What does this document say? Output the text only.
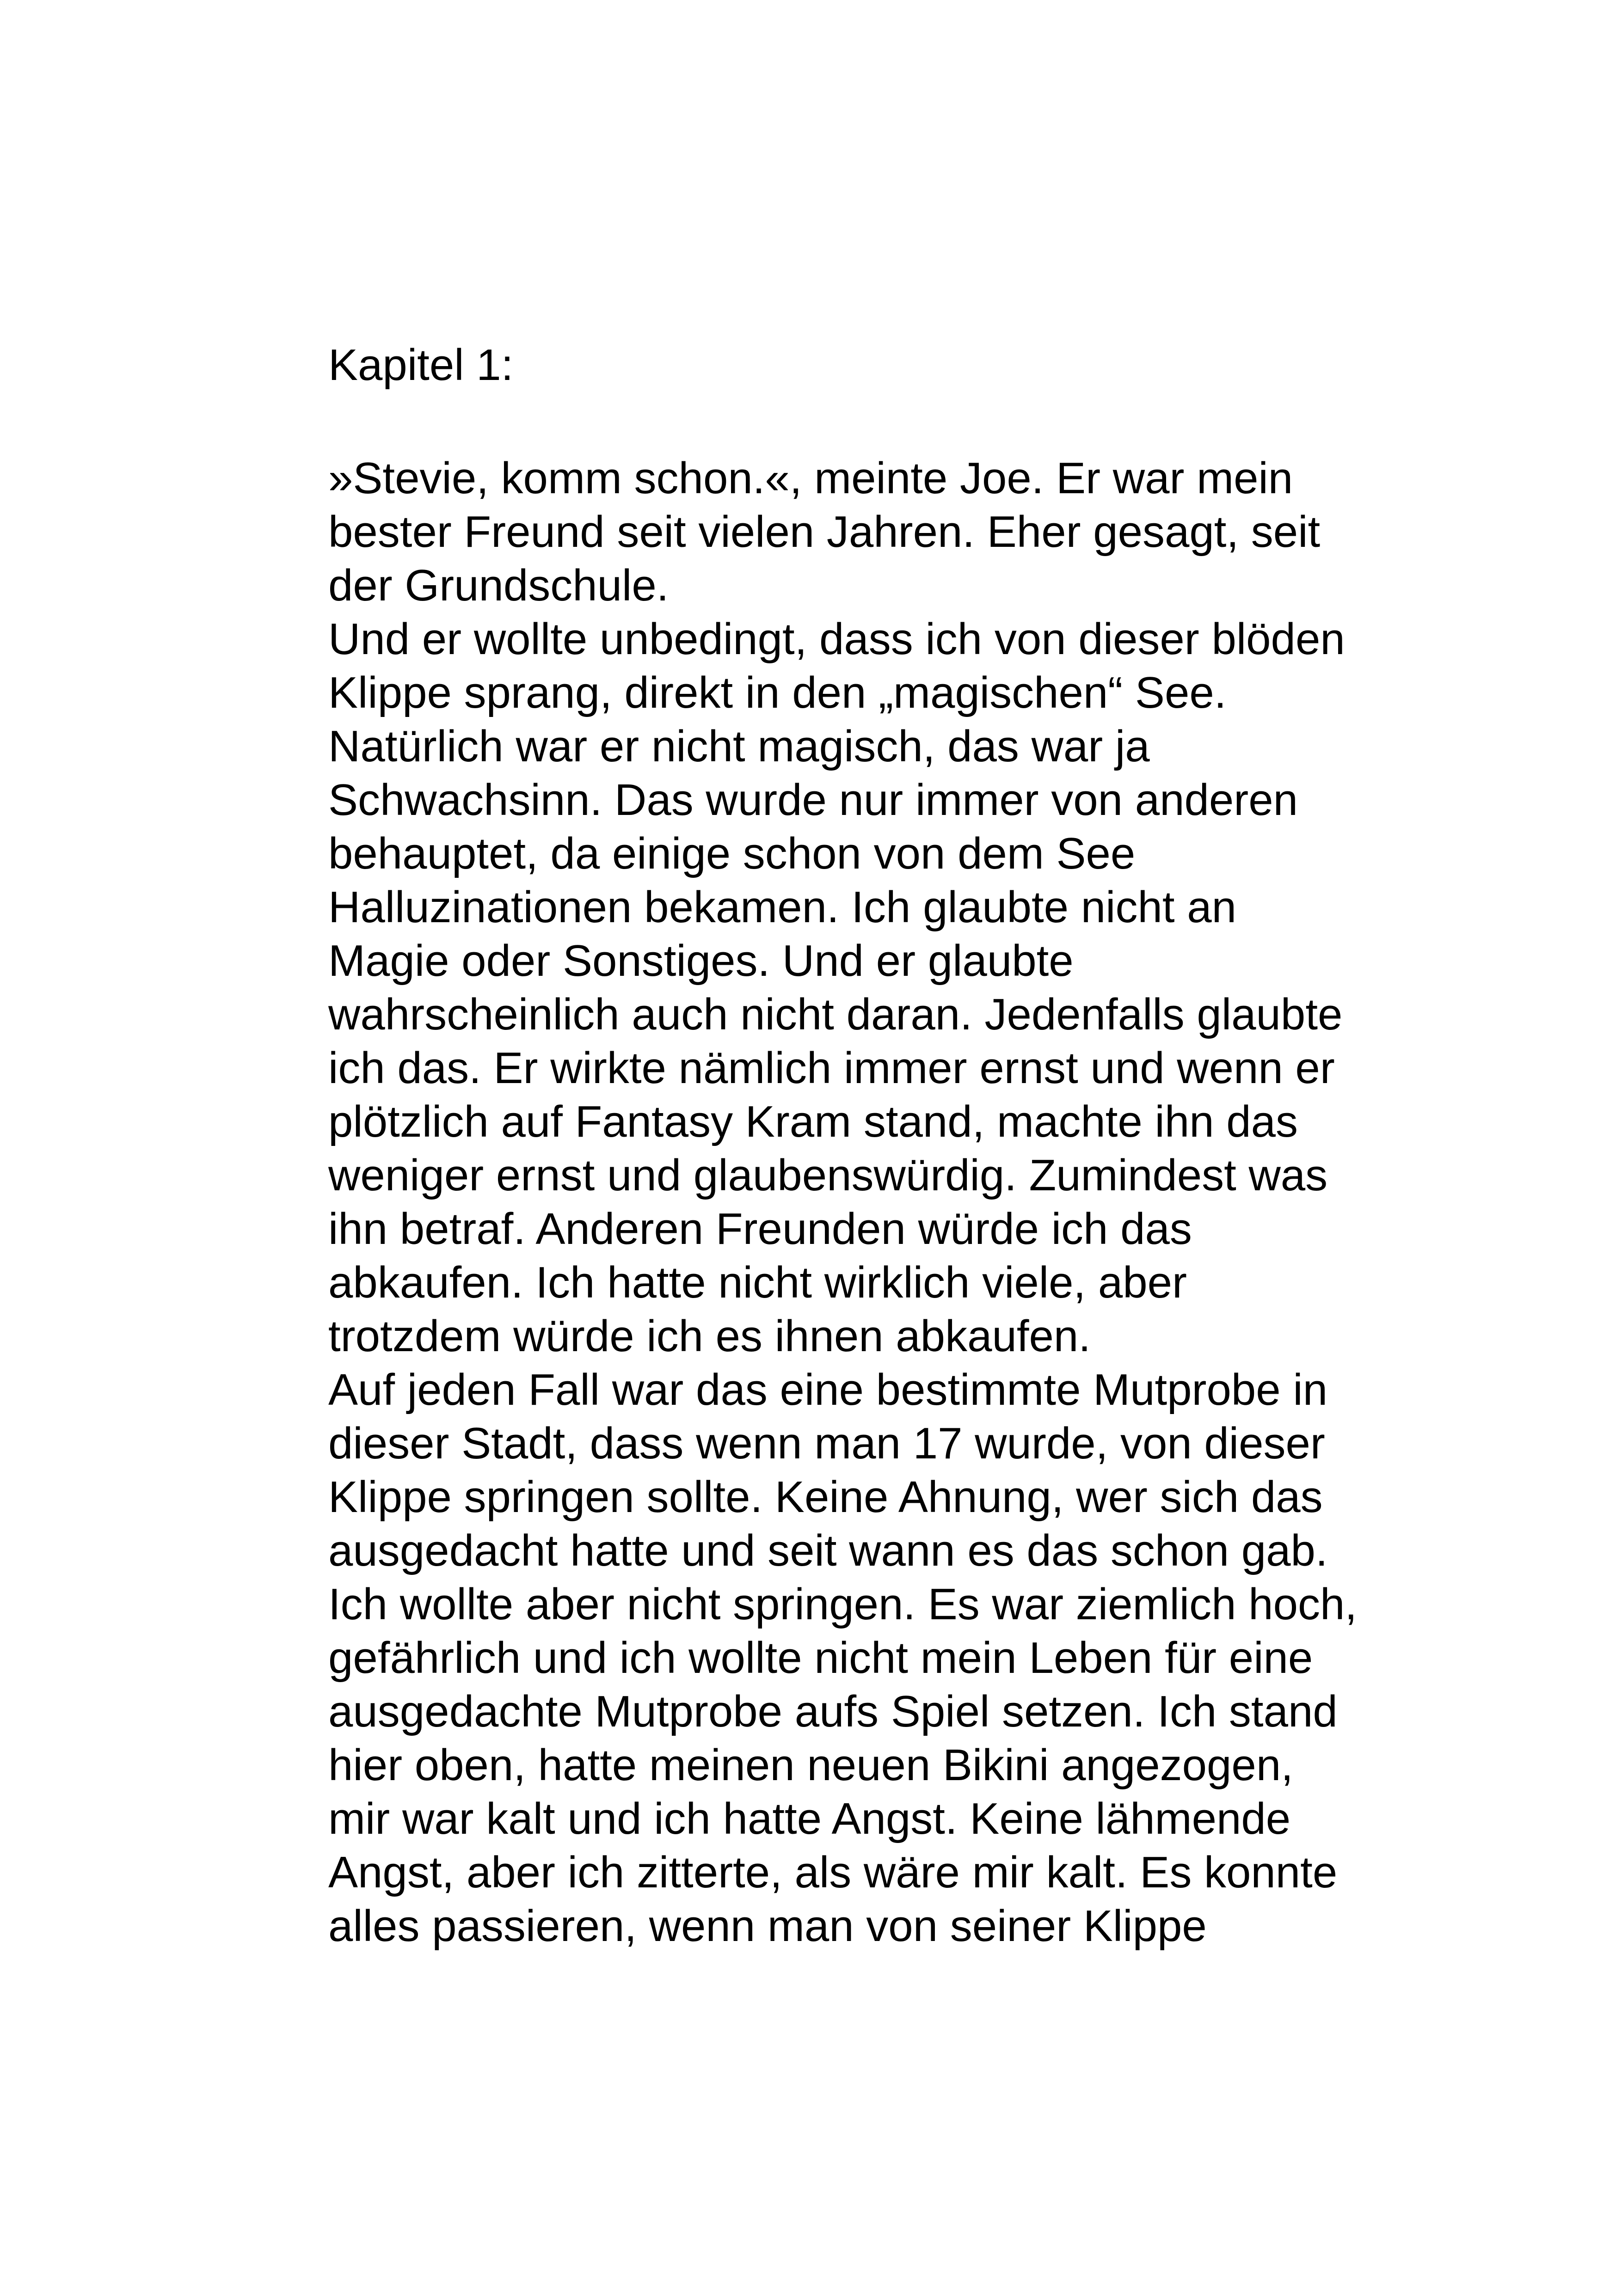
Kapitel 1:
»Stevie, komm schon.«, meinte Joe. Er war mein
bester Freund seit vielen Jahren. Eher gesagt, seit
der Grundschule.
Und er wollte unbedingt, dass ich von dieser blöden
Klippe sprang, direkt in den „magischen“ See.
Natürlich war er nicht magisch, das war ja
Schwachsinn. Das wurde nur immer von anderen
behauptet, da einige schon von dem See
Halluzinationen bekamen. Ich glaubte nicht an
Magie oder Sonstiges. Und er glaubte
wahrscheinlich auch nicht daran. Jedenfalls glaubte
ich das. Er wirkte nämlich immer ernst und wenn er
plötzlich auf Fantasy Kram stand, machte ihn das
weniger ernst und glaubenswürdig. Zumindest was
ihn betraf. Anderen Freunden würde ich das
abkaufen. Ich hatte nicht wirklich viele, aber
trotzdem würde ich es ihnen abkaufen.
Auf jeden Fall war das eine bestimmte Mutprobe in
dieser Stadt, dass wenn man 17 wurde, von dieser
Klippe springen sollte. Keine Ahnung, wer sich das
ausgedacht hatte und seit wann es das schon gab.
Ich wollte aber nicht springen. Es war ziemlich hoch,
gefährlich und ich wollte nicht mein Leben für eine
ausgedachte Mutprobe aufs Spiel setzen. Ich stand
hier oben, hatte meinen neuen Bikini angezogen,
mir war kalt und ich hatte Angst. Keine lähmende
Angst, aber ich zitterte, als wäre mir kalt. Es konnte
alles passieren, wenn man von seiner Klippe
